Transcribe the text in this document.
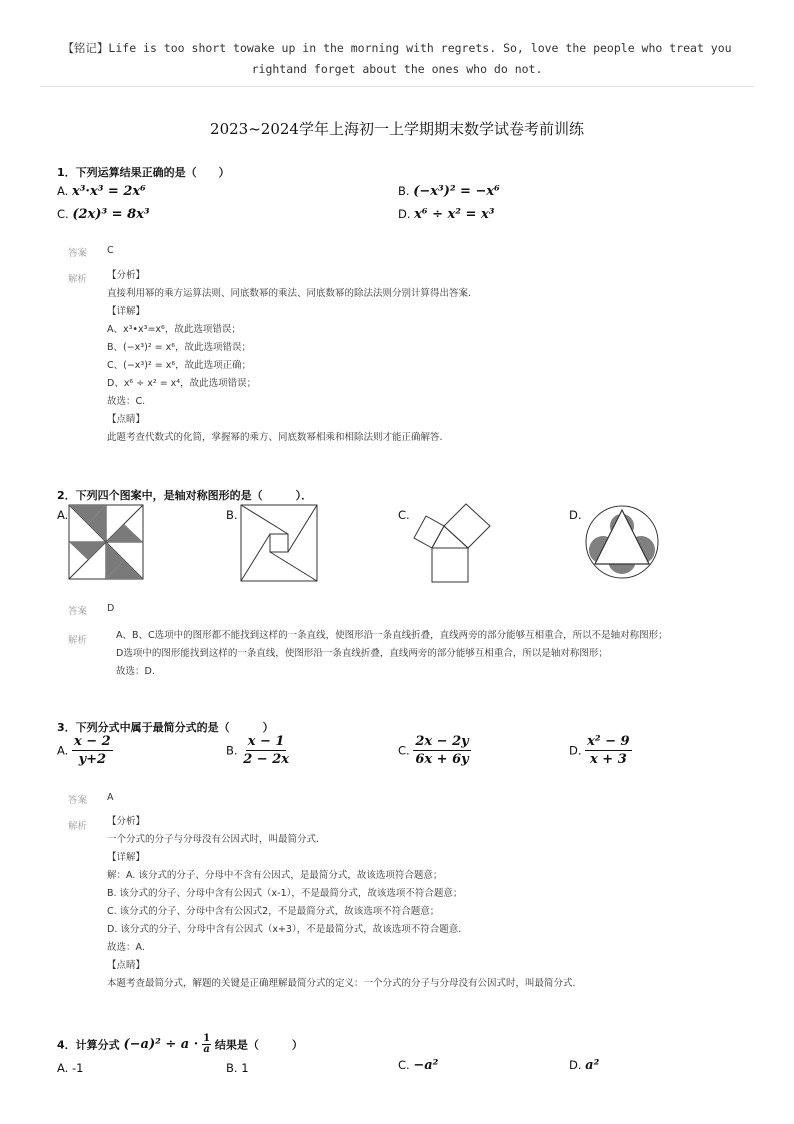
【铭记】Life is too short towake up in the morning with regrets. So, love the people who treat you
rightand forget about the ones who do not.
2023~2024学年上海初一上学期期末数学试卷考前训练
1．下列运算结果正确的是（　　）
A. x³·x³ = 2x⁶	B. (−x³)² = −x⁶
C. (2x)³ = 8x³	D. x⁶ ÷ x² = x³
答案 C
解析 【分析】
直接利用幂的乘方运算法则、同底数幂的乘法、同底数幂的除法法则分别计算得出答案.
【详解】
A、x³•x³=x⁶，故此选项错误；
B、(−x³)² = x⁶，故此选项错误；
C、(−x³)² = x⁶，故此选项正确；
D、x⁶ ÷ x² = x⁴，故此选项错误；
故选：C.
【点睛】
此题考查代数式的化简，掌握幂的乘方、同底数幂相乘和相除法则才能正确解答.
2．下列四个图案中，是轴对称图形的是（　　　）．
A.	B.	C.	D.
答案 D
解析	A、B、C选项中的图形都不能找到这样的一条直线，使图形沿一条直线折叠，直线两旁的部分能够互相重合，所以不是轴对称图形；
D选项中的图形能找到这样的一条直线，使图形沿一条直线折叠，直线两旁的部分能够互相重合，所以是轴对称图形；
故选：D.
3．下列分式中属于最简分式的是（　　　）
A. $\frac{x - 2}{y+2}$	B. $\frac{x - 1}{2 - 2x}$	C. $\frac{2x - 2y}{6x + 6y}$	D. $\frac{\text{x² − 9}}{x + 3}$
答案 A
解析 【分析】
一个分式的分子与分母没有公因式时，叫最简分式.
【详解】
解：A. 该分式的分子、分母中不含有公因式，是最简分式，故该选项符合题意；
B. 该分式的分子、分母中含有公因式（x-1），不是最简分式，故该选项不符合题意；
C. 该分式的分子、分母中含有公因式2，不是最简分式，故该选项不符合题意；
D. 该分式的分子、分母中含有公因式（x+3），不是最简分式，故该选项不符合题意.
故选：A.
【点睛】
本题考查最简分式，解题的关键是正确理解最简分式的定义：一个分式的分子与分母没有公因式时，叫最简分式.
4．计算分式 $(-a)^2 \div a \cdot \frac{1}{a}$ 结果是（　　　）
A. -1	B. 1	C. −a²	D. a²
